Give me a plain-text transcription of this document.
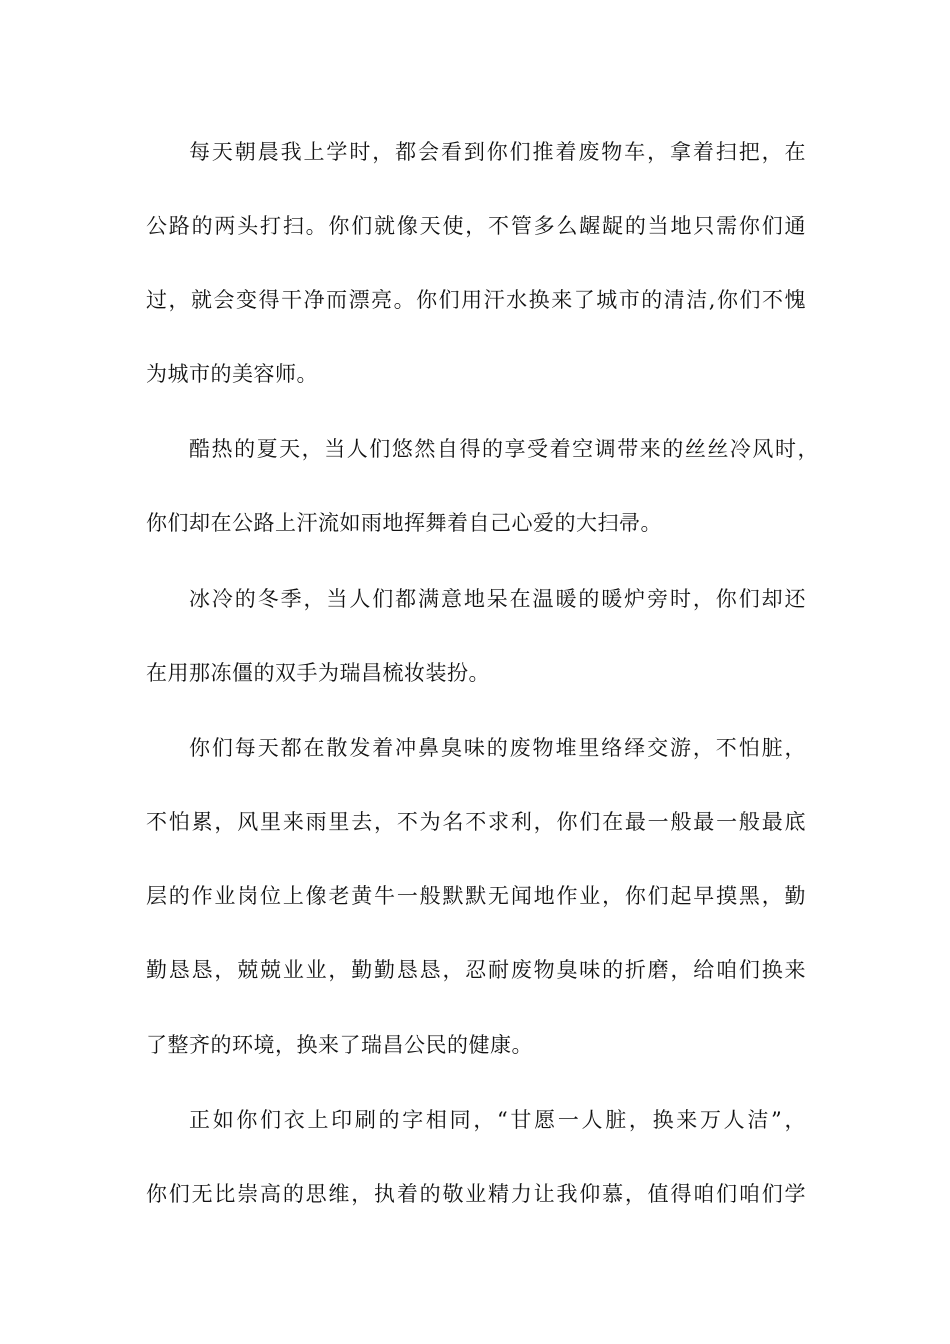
每天朝晨我上学时，都会看到你们推着废物车，拿着扫把，在
公路的两头打扫。你们就像天使，不管多么龌龊的当地只需你们通
过，就会变得干净而漂亮。你们用汗水换来了城市的清洁,你们不愧
为城市的美容师。
酷热的夏天，当人们悠然自得的享受着空调带来的丝丝冷风时，
你们却在公路上汗流如雨地挥舞着自己心爱的大扫帚。
冰冷的冬季，当人们都满意地呆在温暖的暖炉旁时，你们却还
在用那冻僵的双手为瑞昌梳妆装扮。
你们每天都在散发着冲鼻臭味的废物堆里络绎交游，不怕脏，
不怕累，风里来雨里去，不为名不求利，你们在最一般最一般最底
层的作业岗位上像老黄牛一般默默无闻地作业，你们起早摸黑，勤
勤恳恳，兢兢业业，勤勤恳恳，忍耐废物臭味的折磨，给咱们换来
了整齐的环境，换来了瑞昌公民的健康。
正如你们衣上印刷的字相同，“甘愿一人脏，换来万人洁”，
你们无比崇高的思维，执着的敬业精力让我仰慕，值得咱们咱们学
